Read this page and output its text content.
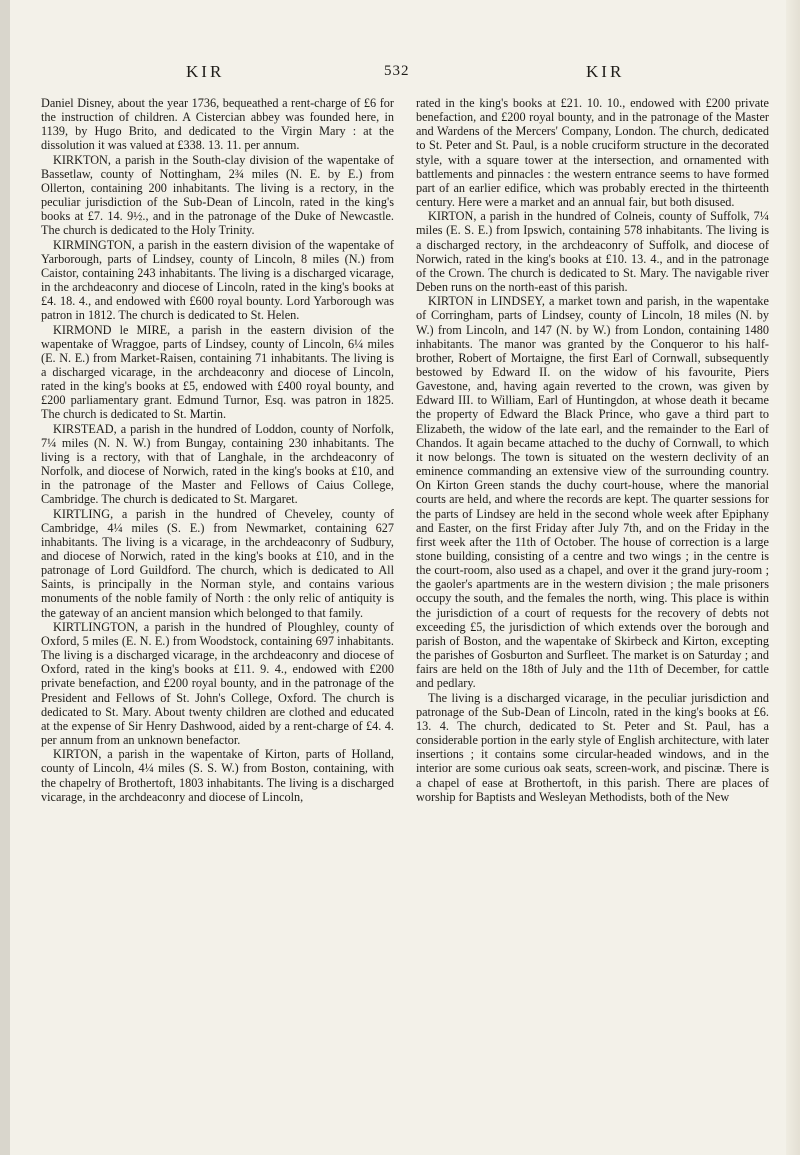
KIR	532	KIR

Daniel Disney, about the year 1736, bequeathed a rent-charge of £6 for the instruction of children. A Cistercian abbey was founded here, in 1139, by Hugo Brito, and dedicated to the Virgin Mary : at the dissolution it was valued at £338. 13. 11. per annum.

KIRKTON, a parish in the South-clay division of the wapentake of Bassetlaw, county of Nottingham, 2¾ miles (N. E. by E.) from Ollerton, containing 200 inhabitants. The living is a rectory, in the peculiar jurisdiction of the Sub-Dean of Lincoln, rated in the king's books at £7. 14. 9½., and in the patronage of the Duke of Newcastle. The church is dedicated to the Holy Trinity.

KIRMINGTON, a parish in the eastern division of the wapentake of Yarborough, parts of Lindsey, county of Lincoln, 8 miles (N.) from Caistor, containing 243 inhabitants. The living is a discharged vicarage, in the archdeaconry and diocese of Lincoln, rated in the king's books at £4. 18. 4., and endowed with £600 royal bounty. Lord Yarborough was patron in 1812. The church is dedicated to St. Helen.

KIRMOND le MIRE, a parish in the eastern division of the wapentake of Wraggoe, parts of Lindsey, county of Lincoln, 6¼ miles (E. N. E.) from Market-Raisen, containing 71 inhabitants. The living is a discharged vicarage, in the archdeaconry and diocese of Lincoln, rated in the king's books at £5, endowed with £400 royal bounty, and £200 parliamentary grant. Edmund Turnor, Esq. was patron in 1825. The church is dedicated to St. Martin.

KIRSTEAD, a parish in the hundred of Loddon, county of Norfolk, 7¼ miles (N. N. W.) from Bungay, containing 230 inhabitants. The living is a rectory, with that of Langhale, in the archdeaconry of Norfolk, and diocese of Norwich, rated in the king's books at £10, and in the patronage of the Master and Fellows of Caius College, Cambridge. The church is dedicated to St. Margaret.

KIRTLING, a parish in the hundred of Cheveley, county of Cambridge, 4¼ miles (S. E.) from Newmarket, containing 627 inhabitants. The living is a vicarage, in the archdeaconry of Sudbury, and diocese of Norwich, rated in the king's books at £10, and in the patronage of Lord Guildford. The church, which is dedicated to All Saints, is principally in the Norman style, and contains various monuments of the noble family of North : the only relic of antiquity is the gateway of an ancient mansion which belonged to that family.

KIRTLINGTON, a parish in the hundred of Ploughley, county of Oxford, 5 miles (E. N. E.) from Woodstock, containing 697 inhabitants. The living is a discharged vicarage, in the archdeaconry and diocese of Oxford, rated in the king's books at £11. 9. 4., endowed with £200 private benefaction, and £200 royal bounty, and in the patronage of the President and Fellows of St. John's College, Oxford. The church is dedicated to St. Mary. About twenty children are clothed and educated at the expense of Sir Henry Dashwood, aided by a rent-charge of £4. 4. per annum from an unknown benefactor.

KIRTON, a parish in the wapentake of Kirton, parts of Holland, county of Lincoln, 4¼ miles (S. S. W.) from Boston, containing, with the chapelry of Brothertoft, 1803 inhabitants. The living is a discharged vicarage, in the archdeaconry and diocese of Lincoln,

rated in the king's books at £21. 10. 10., endowed with £200 private benefaction, and £200 royal bounty, and in the patronage of the Master and Wardens of the Mercers' Company, London. The church, dedicated to St. Peter and St. Paul, is a noble cruciform structure in the decorated style, with a square tower at the intersection, and ornamented with battlements and pinnacles : the western entrance seems to have formed part of an earlier edifice, which was probably erected in the thirteenth century. Here were a market and an annual fair, but both disused.

KIRTON, a parish in the hundred of Colneis, county of Suffolk, 7¼ miles (E. S. E.) from Ipswich, containing 578 inhabitants. The living is a discharged rectory, in the archdeaconry of Suffolk, and diocese of Norwich, rated in the king's books at £10. 13. 4., and in the patronage of the Crown. The church is dedicated to St. Mary. The navigable river Deben runs on the north-east of this parish.

KIRTON in LINDSEY, a market town and parish, in the wapentake of Corringham, parts of Lindsey, county of Lincoln, 18 miles (N. by W.) from Lincoln, and 147 (N. by W.) from London, containing 1480 inhabitants. The manor was granted by the Conqueror to his half-brother, Robert of Mortaigne, the first Earl of Cornwall, subsequently bestowed by Edward II. on the widow of his favourite, Piers Gavestone, and, having again reverted to the crown, was given by Edward III. to William, Earl of Huntingdon, at whose death it became the property of Edward the Black Prince, who gave a third part to Elizabeth, the widow of the late earl, and the remainder to the Earl of Chandos. It again became attached to the duchy of Cornwall, to which it now belongs. The town is situated on the western declivity of an eminence commanding an extensive view of the surrounding country. On Kirton Green stands the duchy court-house, where the manorial courts are held, and where the records are kept. The quarter sessions for the parts of Lindsey are held in the second whole week after Epiphany and Easter, on the first Friday after July 7th, and on the Friday in the first week after the 11th of October. The house of correction is a large stone building, consisting of a centre and two wings ; in the centre is the court-room, also used as a chapel, and over it the grand jury-room ; the gaoler's apartments are in the western division ; the male prisoners occupy the south, and the females the north, wing. This place is within the jurisdiction of a court of requests for the recovery of debts not exceeding £5, the jurisdiction of which extends over the borough and parish of Boston, and the wapentake of Skirbeck and Kirton, excepting the parishes of Gosburton and Surfleet. The market is on Saturday ; and fairs are held on the 18th of July and the 11th of December, for cattle and pedlary.

The living is a discharged vicarage, in the peculiar jurisdiction and patronage of the Sub-Dean of Lincoln, rated in the king's books at £6. 13. 4. The church, dedicated to St. Peter and St. Paul, has a considerable portion in the early style of English architecture, with later insertions ; it contains some circular-headed windows, and in the interior are some curious oak seats, screen-work, and piscinæ. There is a chapel of ease at Brothertoft, in this parish. There are places of worship for Baptists and Wesleyan Methodists, both of the New
